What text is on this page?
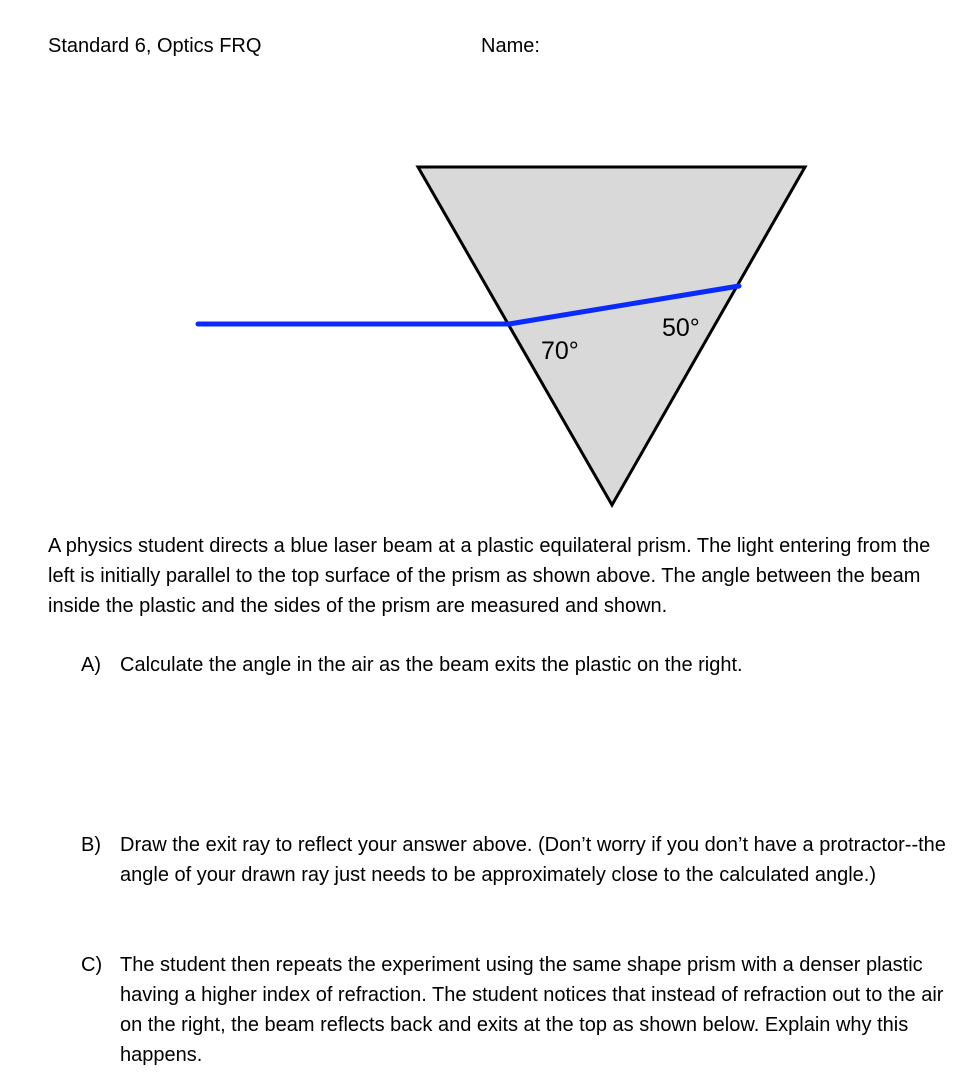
Standard 6, Optics FRQ	Name:
70°
50°
A physics student directs a blue laser beam at a plastic equilateral prism. The light entering from the left is initially parallel to the top surface of the prism as shown above. The angle between the beam inside the plastic and the sides of the prism are measured and shown.
A) Calculate the angle in the air as the beam exits the plastic on the right.
B) Draw the exit ray to reflect your answer above. (Don’t worry if you don’t have a protractor--the angle of your drawn ray just needs to be approximately close to the calculated angle.)
C) The student then repeats the experiment using the same shape prism with a denser plastic having a higher index of refraction. The student notices that instead of refraction out to the air on the right, the beam reflects back and exits at the top as shown below. Explain why this happens.
